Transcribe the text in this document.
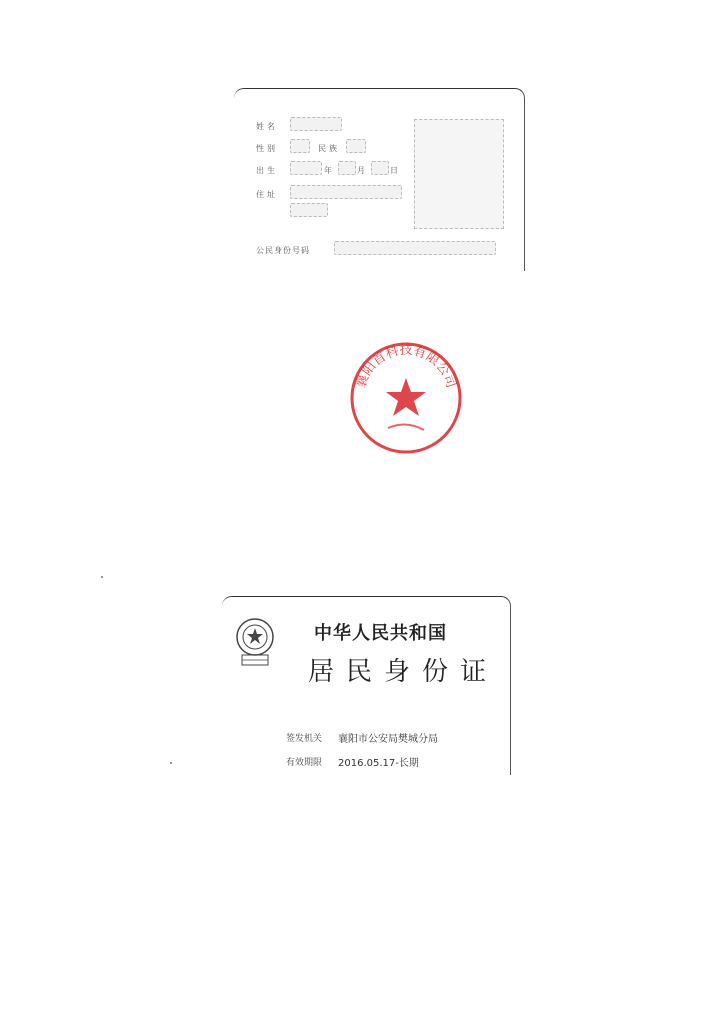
姓名
性别	民族
出生	年	月	日
住址
公民身份号码
襄阳首科技有限公司
中华人民共和国
居民身份证
签发机关 襄阳市公安局樊城分局
有效期限 2016.05.17-长期
